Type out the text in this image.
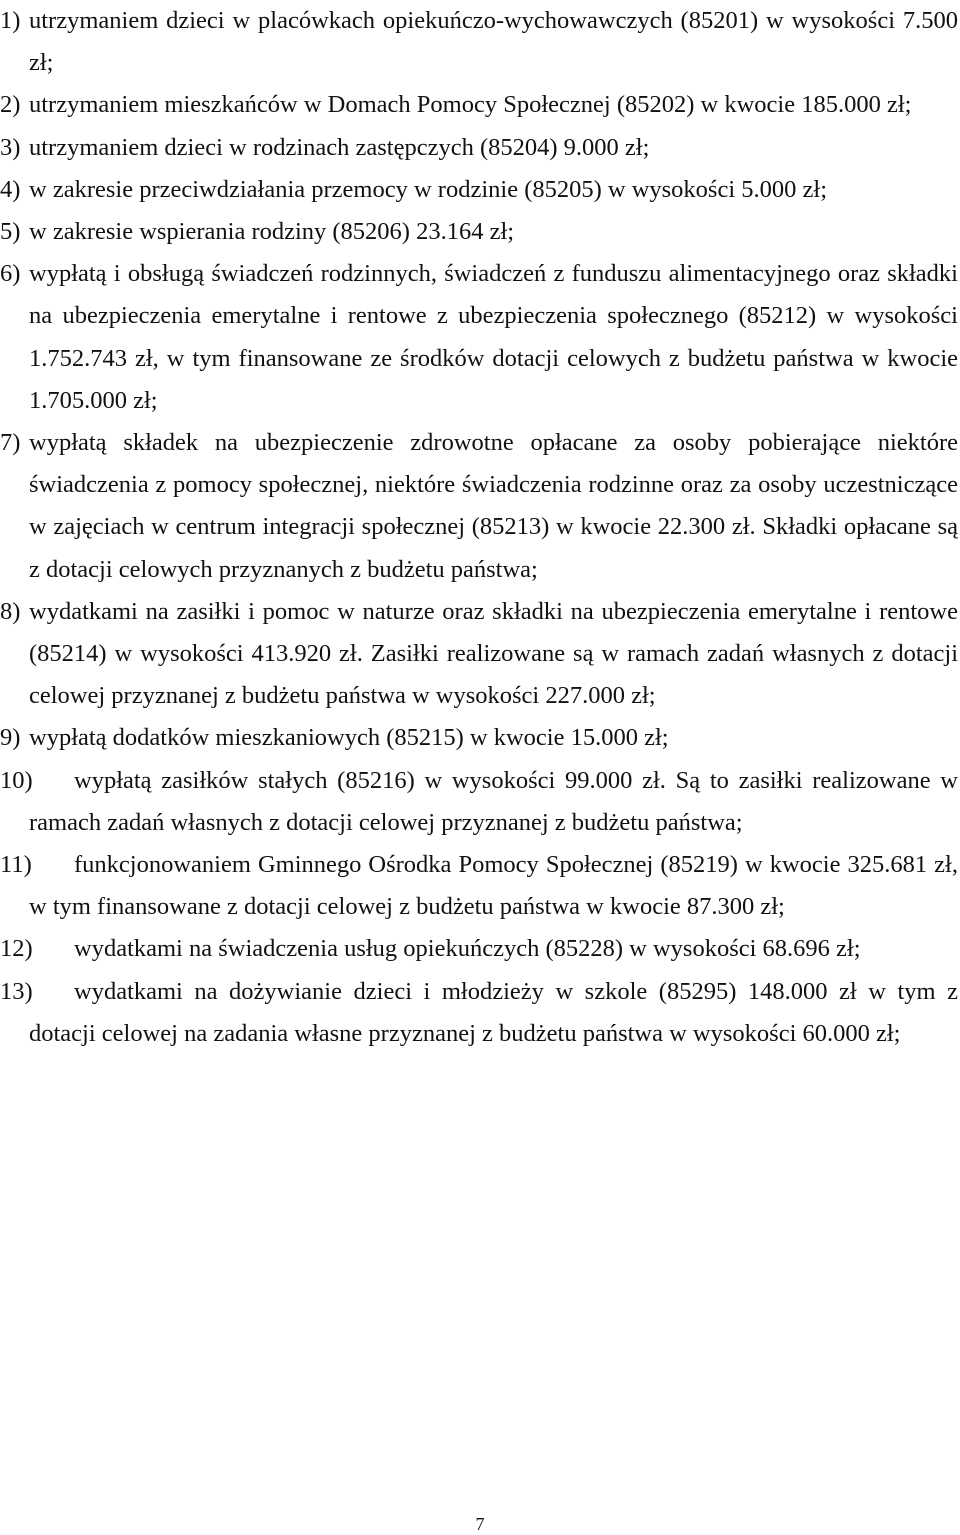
1) utrzymaniem dzieci w placówkach opiekuńczo-wychowawczych (85201) w wysokości 7.500 zł;
2) utrzymaniem mieszkańców w Domach Pomocy Społecznej (85202) w kwocie 185.000 zł;
3) utrzymaniem dzieci w rodzinach zastępczych (85204) 9.000 zł;
4) w zakresie przeciwdziałania przemocy w rodzinie (85205) w wysokości 5.000 zł;
5) w zakresie wspierania rodziny (85206) 23.164 zł;
6) wypłatą i obsługą świadczeń rodzinnych, świadczeń z funduszu alimentacyjnego oraz składki na ubezpieczenia emerytalne i rentowe z ubezpieczenia społecznego (85212) w wysokości 1.752.743 zł, w tym finansowane ze środków dotacji celowych z budżetu państwa w kwocie 1.705.000 zł;
7) wypłatą składek na ubezpieczenie zdrowotne opłacane za osoby pobierające niektóre świadczenia z pomocy społecznej, niektóre świadczenia rodzinne oraz za osoby uczestniczące w zajęciach w centrum integracji społecznej (85213) w kwocie 22.300 zł. Składki opłacane są z dotacji celowych przyznanych z budżetu państwa;
8) wydatkami na zasiłki i pomoc w naturze oraz składki na ubezpieczenia emerytalne i rentowe (85214) w wysokości 413.920 zł. Zasiłki realizowane są w ramach zadań własnych z dotacji celowej przyznanej z budżetu państwa w wysokości 227.000 zł;
9) wypłatą dodatków mieszkaniowych (85215) w kwocie 15.000 zł;
10) wypłatą zasiłków stałych (85216) w wysokości 99.000 zł. Są to zasiłki realizowane w ramach zadań własnych z dotacji celowej przyznanej z budżetu państwa;
11) funkcjonowaniem Gminnego Ośrodka Pomocy Społecznej (85219) w kwocie 325.681 zł, w tym finansowane z dotacji celowej z budżetu państwa w kwocie 87.300 zł;
12) wydatkami na świadczenia usług opiekuńczych (85228) w wysokości 68.696 zł;
13) wydatkami na dożywianie dzieci i młodzieży w szkole (85295) 148.000 zł w tym z dotacji celowej na zadania własne przyznanej z budżetu państwa w wysokości 60.000 zł;
7
